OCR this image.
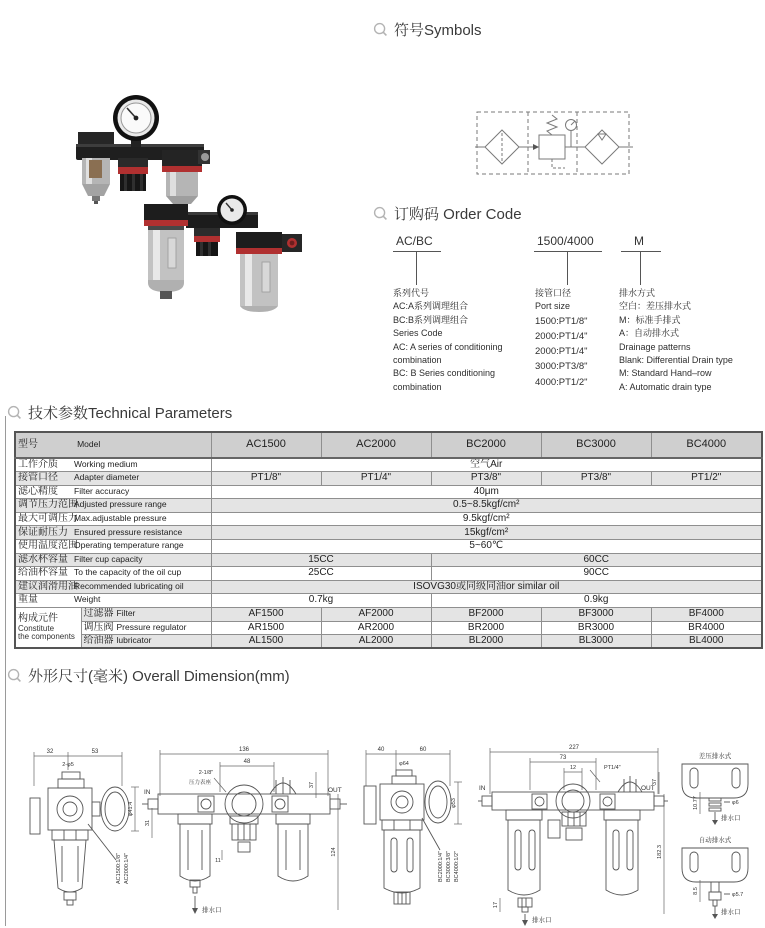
符号Symbols
订购码 Order Code
AC/BC	1500/4000	M
系列代号
AC:A系列调理组合
BC:B系列调理组合
Series Code
AC: A series of conditioning
combination
BC: B Series conditioning
combination
接管口径
Port size
1500:PT1/8"
2000:PT1/4"
2000:PT1/4"
3000:PT3/8"
4000:PT1/2"
排水方式
空白：差压排水式
M：标准手排式
A：自动排水式
Drainage patterns
Blank: Differential Drain type
M: Standard Hand–row
A: Automatic drain type
技术参数Technical Parameters
型号 Model		AC1500	AC2000	BC2000	BC3000	BC4000
工作介质 Working medium		空气Air				
接管口径 Adapter diameter		PT1/8"	PT1/4"	PT3/8"	PT3/8"	PT1/2"
滤心精度 Filter accuracy		40μm				
调节压力范围Adjusted pressure range		0.5~8.5kgf/cm²				
最大可调压力Max.adjustable pressure		9.5kgf/cm²				
保证耐压力 Ensured pressure resistance		15kgf/cm²				
使用温度范围Operating temperature range		5~60℃				
滤水杯容量 Filter cup capacity		15CC		60CC		
给油杯容量 To the capacity of the oil cup		25CC		90CC		
建议润滑用油Recommended lubricating oil		ISOVG30或同级同油or similar oil				
重量 Weight		0.7kg		0.9kg		

构成元件
Constitute
the components	过滤器 Filter	AF1500	AF2000	BF2000	BF3000	BF4000
	调压阀 Pressure regulator	AR1500	AR2000	BR2000	BR3000	BR4000
	给油器 lubricator	AL1500	AL2000	BL2000	BL3000	BL4000
外形尺寸(毫米) Overall Dimension(mm)
32	53
2-φ5
φ41.4
AC1500:1/8" AC2000:1/4"
136
48
2-1/8"
压力表座	37
31
124
11
IN	OUT
排水口
40	60
φ64
φ53
BC2000:1/4" BC3000:3/8" BC4000:1/2"
227
73
12	PT1/4"
37
182.3
17
IN	OUT
排水口
差压排水式
10.77	φ6
排水口
自动排水式
8.5
φ5.7
排水口
